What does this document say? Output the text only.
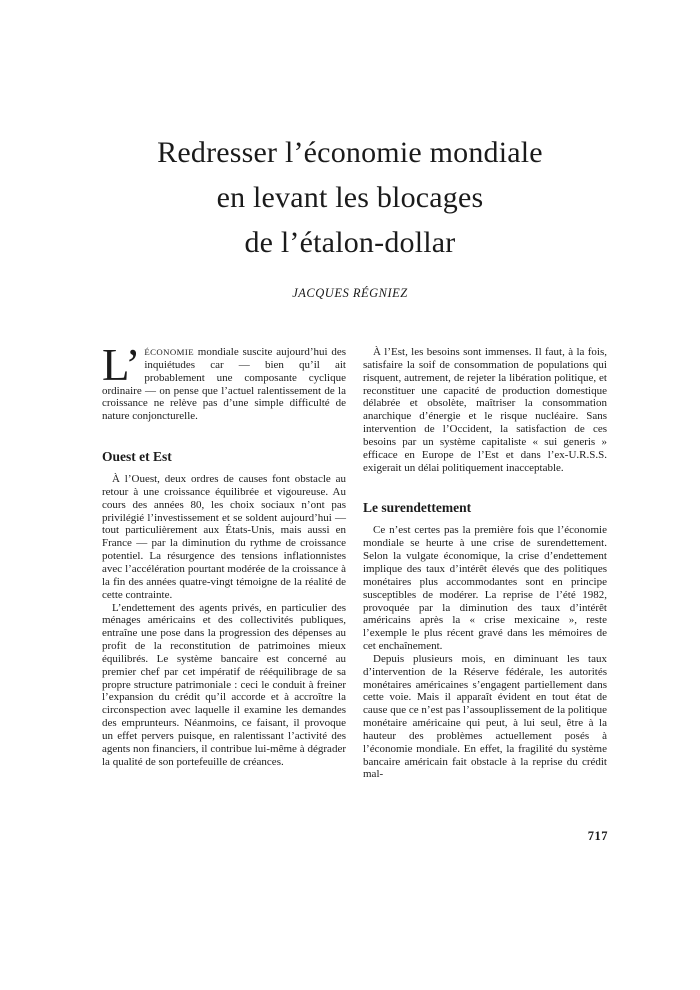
Redresser l’économie mondiale
en levant les blocages
de l’étalon-dollar
JACQUES RÉGNIEZ

L’ ÉCONOMIE mondiale suscite aujourd’hui des inquiétudes car — bien qu’il ait probablement une composante cyclique ordinaire — on pense que l’actuel ralentissement de la croissance ne relève pas d’une simple difficulté de nature conjoncturelle.

Ouest et Est

À l’Ouest, deux ordres de causes font obstacle au retour à une croissance équilibrée et vigoureuse. Au cours des années 80, les choix sociaux n’ont pas privilégié l’investissement et se soldent aujourd’hui — tout particulièrement aux États-Unis, mais aussi en France — par la diminution du rythme de croissance potentiel. La résurgence des tensions inflationnistes avec l’accélération pourtant modérée de la croissance à la fin des années quatre-vingt témoigne de la réalité de cette contrainte.

L’endettement des agents privés, en particulier des ménages américains et des collectivités publiques, entraîne une pose dans la progression des dépenses au profit de la reconstitution de patrimoines mieux équilibrés. Le système bancaire est concerné au premier chef par cet impératif de rééquilibrage de sa propre structure patrimoniale : ceci le conduit à freiner l’expansion du crédit qu’il accorde et à accroître la circonspection avec laquelle il examine les demandes des emprunteurs. Néanmoins, ce faisant, il provoque un effet pervers puisque, en ralentissant l’activité des agents non financiers, il contribue lui-même à dégrader la qualité de son portefeuille de créances.

À l’Est, les besoins sont immenses. Il faut, à la fois, satisfaire la soif de consommation de populations qui risquent, autrement, de rejeter la libération politique, et reconstituer une capacité de production domestique délabrée et obsolète, maîtriser la consommation anarchique d’énergie et le risque nucléaire. Sans intervention de l’Occident, la satisfaction de ces besoins par un système capitaliste « sui generis » efficace en Europe de l’Est et dans l’ex-U.R.S.S. exigerait un délai politiquement inacceptable.

Le surendettement

Ce n’est certes pas la première fois que l’économie mondiale se heurte à une crise de surendettement. Selon la vulgate économique, la crise d’endettement implique des taux d’intérêt élevés que des politiques monétaires plus accommodantes sont en principe susceptibles de modérer. La reprise de l’été 1982, provoquée par la diminution des taux d’intérêt américains après la « crise mexicaine », reste l’exemple le plus récent gravé dans les mémoires de cet enchaînement.

Depuis plusieurs mois, en diminuant les taux d’intervention de la Réserve fédérale, les autorités monétaires américaines s’engagent partiellement dans cette voie. Mais il apparaît évident en tout état de cause que ce n’est pas l’assouplissement de la politique monétaire américaine qui peut, à lui seul, être à la hauteur des problèmes actuellement posés à l’économie mondiale. En effet, la fragilité du système bancaire américain fait obstacle à la reprise du crédit mal-

717
